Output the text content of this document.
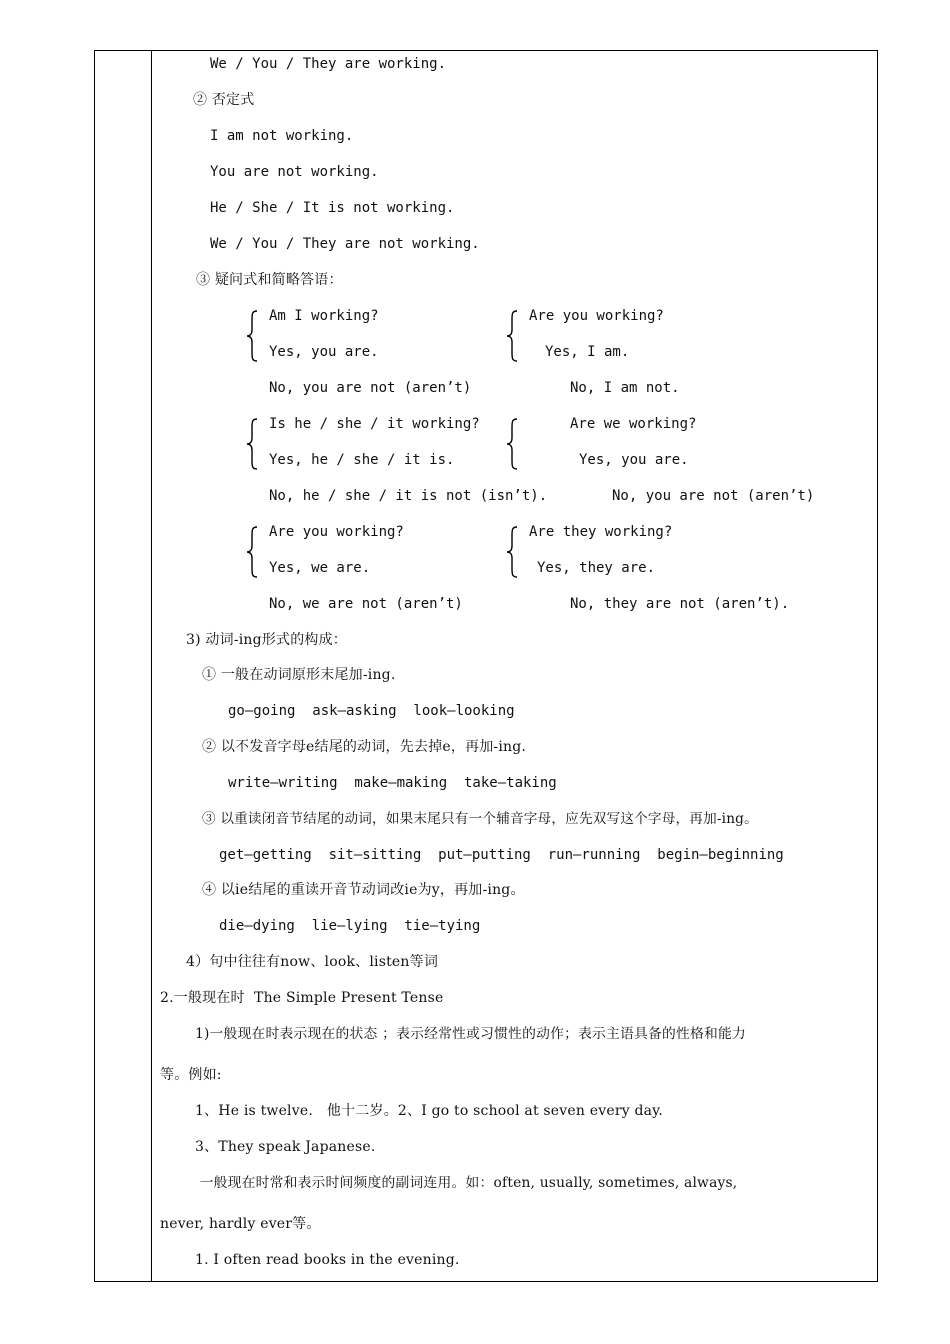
We / You / They are working.
② 否定式
I am not working.
You are not working.
He / She / It is not working.
We / You / They are not working.
③ 疑问式和简略答语：
Am I working?
Yes, you are.
No, you are not (aren’t)
Are you working?
Yes, I am.
No, I am not.
Is he / she / it working?
Yes, he / she / it is.
No, he / she / it is not (isn’t).
Are we working?
Yes, you are.
No, you are not (aren’t)
Are you working?
Yes, we are.
No, we are not (aren’t)
Are they working?
Yes, they are.
No, they are not (aren’t).
3) 动词-ing形式的构成：
① 一般在动词原形末尾加-ing.
go—going  ask—asking  look—looking
② 以不发音字母e结尾的动词，先去掉e，再加-ing.
write—writing  make—making  take—taking
③ 以重读闭音节结尾的动词，如果末尾只有一个辅音字母，应先双写这个字母，再加-ing。
get—getting  sit—sitting  put—putting  run—running  begin—beginning
④ 以ie结尾的重读开音节动词改ie为y，再加-ing。
die—dying  lie—lying  tie—tying
4）句中往往有now、look、listen等词
2.一般现在时  The Simple Present Tense
1)一般现在时表示现在的状态 ；表示经常性或习惯性的动作；表示主语具备的性格和能力
等。例如:
1、He is twelve.   他十二岁。2、I go to school at seven every day.
3、They speak Japanese.
一般现在时常和表示时间频度的副词连用。如：often, usually, sometimes, always,
never, hardly ever等。
1. I often read books in the evening.
